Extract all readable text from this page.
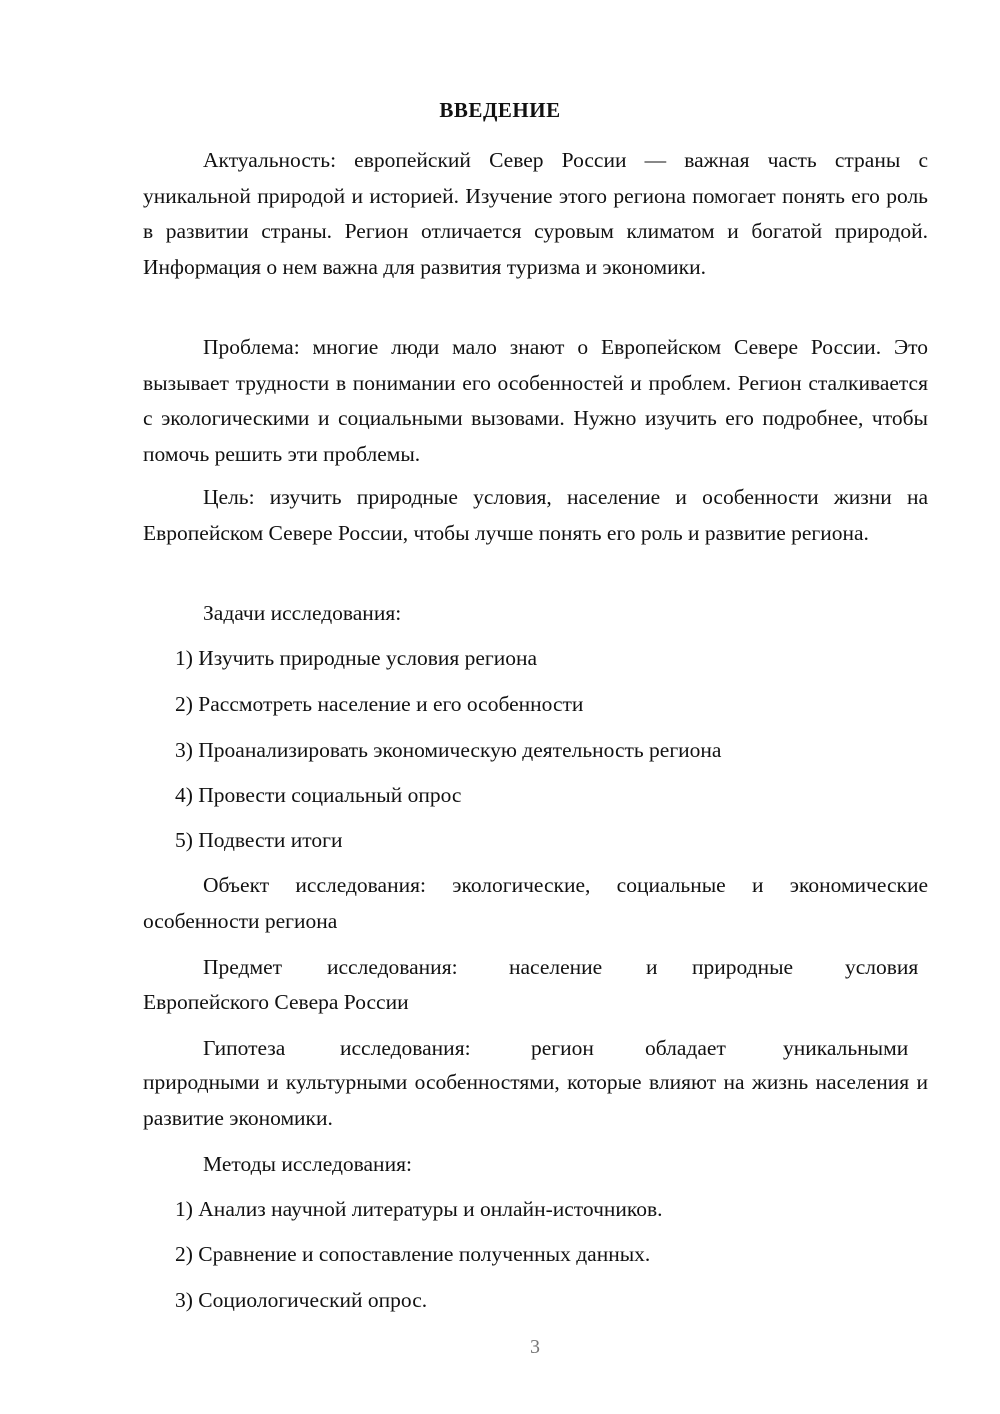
ВВЕДЕНИЕ

Актуальность: европейский Север России — важная часть страны с уникальной природой и историей. Изучение этого региона помогает понять его роль в развитии страны. Регион отличается суровым климатом и богатой природой. Информация о нем важна для развития туризма и экономики.

Проблема: многие люди мало знают о Европейском Севере России. Это вызывает трудности в понимании его особенностей и проблем. Регион сталкивается с экологическими и социальными вызовами. Нужно изучить его подробнее, чтобы помочь решить эти проблемы.

Цель: изучить природные условия, население и особенности жизни на Европейском Севере России, чтобы лучше понять его роль и развитие региона.

Задачи исследования:
1) Изучить природные условия региона
2) Рассмотреть население и его особенности
3) Проанализировать экономическую деятельность региона
4) Провести социальный опрос
5) Подвести итоги

Объект исследования: экологические, социальные и экономические особенности региона

Предмет исследования: население и природные условия
Европейского Севера России
Гипотеза	исследования:	регион обладает	уникальными

природными и культурными особенностями, которые влияют на жизнь населения и развитие экономики.

Методы исследования:
1) Анализ научной литературы и онлайн-источников.
2) Сравнение и сопоставление полученных данных.
3) Социологический опрос.
3
